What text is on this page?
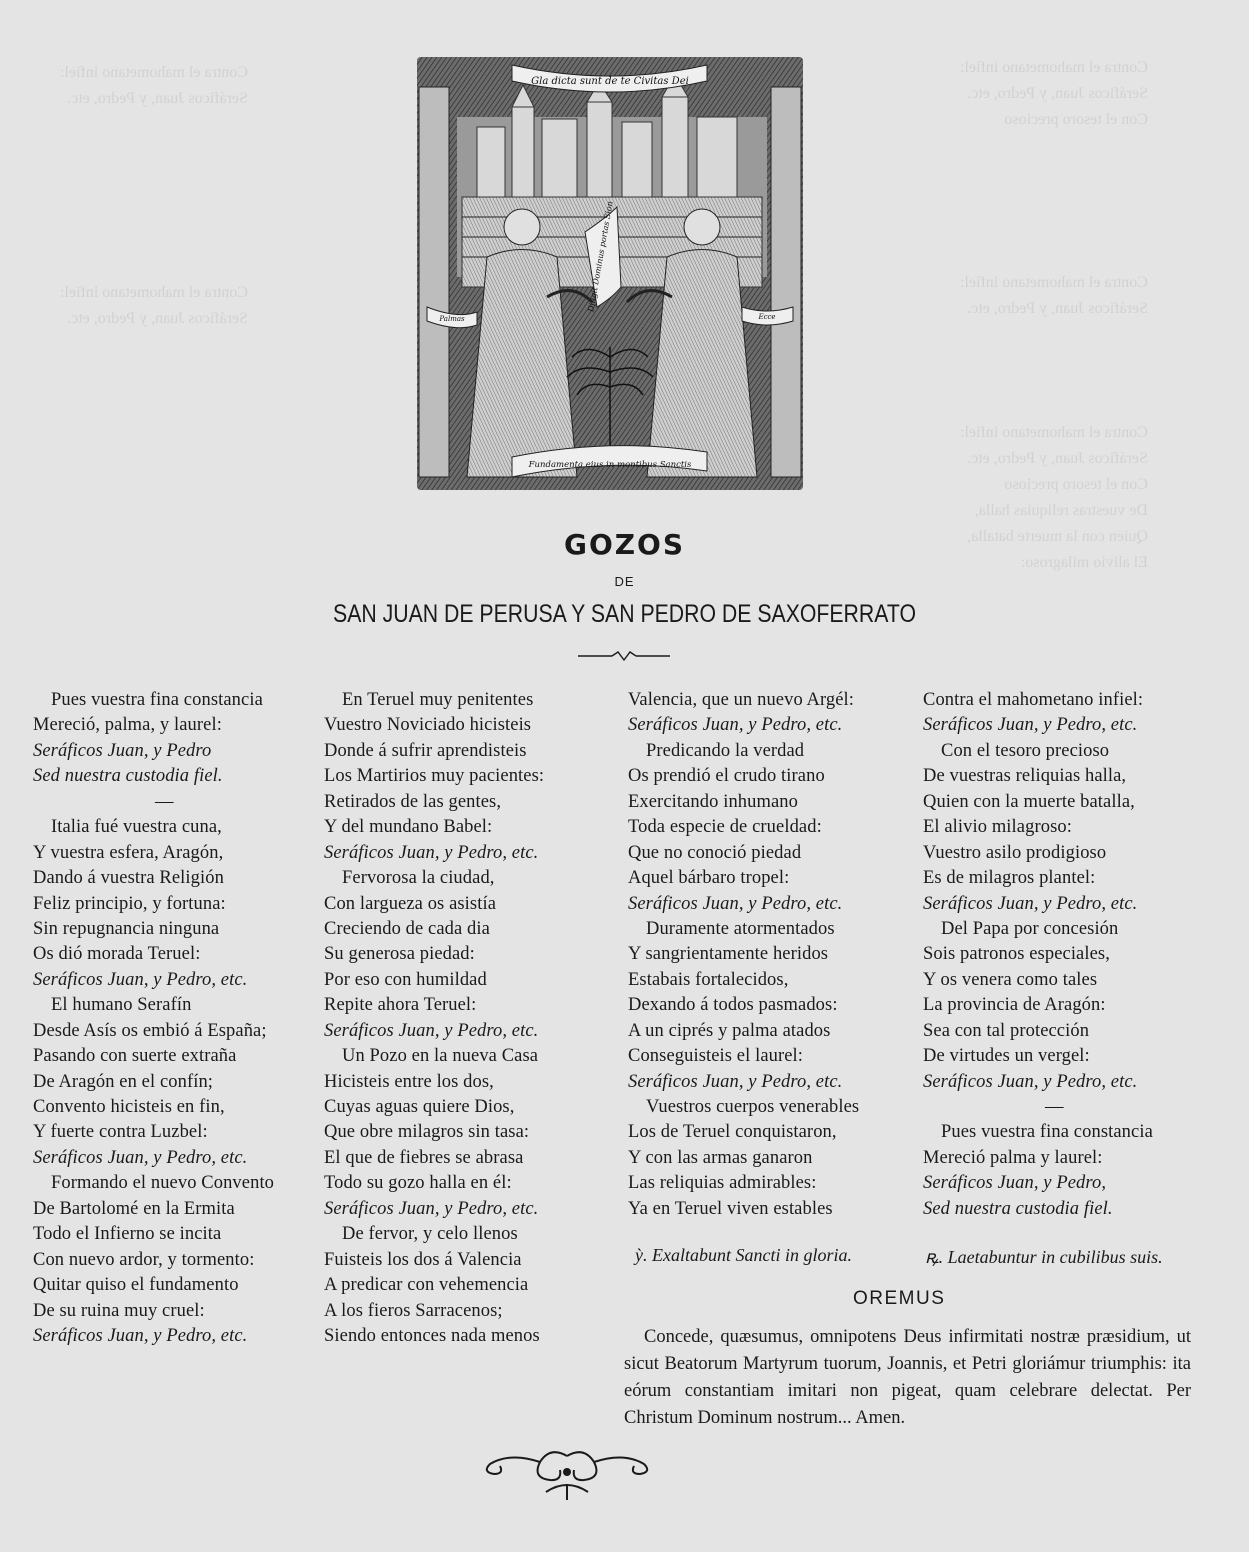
Contra el mahometano infiel:
Seráficos Juan, y Pedro, etc.
Contra el mahometano infiel:
Seráficos Juan, y Pedro, etc.
Con el tesoro precioso
Contra el mahometano infiel:
Seráficos Juan, y Pedro, etc.
Contra el mahometano infiel:
Seráficos Juan, y Pedro, etc.
Contra el mahometano infiel:
Seráficos Juan, y Pedro, etc.
Con el tesoro precioso
De vuestras reliquias halla,
Quien con la muerte batalla,
El alivio milagroso:
Gla dicta sunt de te Civitas Dei
Diligit Dominus portas Sion
Palmas	Ecce
Fundamenta eius in montibus Sanctis
GOZOS
DE
SAN JUAN DE PERUSA Y SAN PEDRO DE SAXOFERRATO
Pues vuestra fina constancia
Mereció, palma, y laurel:
Seráficos Juan, y Pedro
Sed nuestra custodia fiel.
—
Italia fué vuestra cuna,
Y vuestra esfera, Aragón,
Dando á vuestra Religión
Feliz principio, y fortuna:
Sin repugnancia ninguna
Os dió morada Teruel:
Seráficos Juan, y Pedro, etc.
El humano Serafín
Desde Asís os embió á España;
Pasando con suerte extraña
De Aragón en el confín;
Convento hicisteis en fin,
Y fuerte contra Luzbel:
Seráficos Juan, y Pedro, etc.
Formando el nuevo Convento
De Bartolomé en la Ermita
Todo el Infierno se incita
Con nuevo ardor, y tormento:
Quitar quiso el fundamento
De su ruina muy cruel:
Seráficos Juan, y Pedro, etc.
En Teruel muy penitentes
Vuestro Noviciado hicisteis
Donde á sufrir aprendisteis
Los Martirios muy pacientes:
Retirados de las gentes,
Y del mundano Babel:
Seráficos Juan, y Pedro, etc.
Fervorosa la ciudad,
Con largueza os asistía
Creciendo de cada dia
Su generosa piedad:
Por eso con humildad
Repite ahora Teruel:
Seráficos Juan, y Pedro, etc.
Un Pozo en la nueva Casa
Hicisteis entre los dos,
Cuyas aguas quiere Dios,
Que obre milagros sin tasa:
El que de fiebres se abrasa
Todo su gozo halla en él:
Seráficos Juan, y Pedro, etc.
De fervor, y celo llenos
Fuisteis los dos á Valencia
A predicar con vehemencia
A los fieros Sarracenos;
Siendo entonces nada menos
Valencia, que un nuevo Argél:
Seráficos Juan, y Pedro, etc.
Predicando la verdad
Os prendió el crudo tirano
Exercitando inhumano
Toda especie de crueldad:
Que no conoció piedad
Aquel bárbaro tropel:
Seráficos Juan, y Pedro, etc.
Duramente atormentados
Y sangrientamente heridos
Estabais fortalecidos,
Dexando á todos pasmados:
A un ciprés y palma atados
Conseguisteis el laurel:
Seráficos Juan, y Pedro, etc.
Vuestros cuerpos venerables
Los de Teruel conquistaron,
Y con las armas ganaron
Las reliquias admirables:
Ya en Teruel viven estables
Contra el mahometano infiel:
Seráficos Juan, y Pedro, etc.
Con el tesoro precioso
De vuestras reliquias halla,
Quien con la muerte batalla,
El alivio milagroso:
Vuestro asilo prodigioso
Es de milagros plantel:
Seráficos Juan, y Pedro, etc.
Del Papa por concesión
Sois patronos especiales,
Y os venera como tales
La provincia de Aragón:
Sea con tal protección
De virtudes un vergel:
Seráficos Juan, y Pedro, etc.
—
Pues vuestra fina constancia
Mereció palma y laurel:
Seráficos Juan, y Pedro,
Sed nuestra custodia fiel.
ỳ. Exaltabunt Sancti in gloria.	ꝶ. Laetabuntur in cubilibus suis.
OREMUS
Concede, quæsumus, omnipotens Deus infirmitati nostræ præsidium, ut sicut Beatorum Martyrum tuorum, Joannis, et Petri gloriámur triumphis: ita eórum constantiam imitari non pigeat, quam celebrare delectat. Per Christum Dominum nostrum... Amen.
